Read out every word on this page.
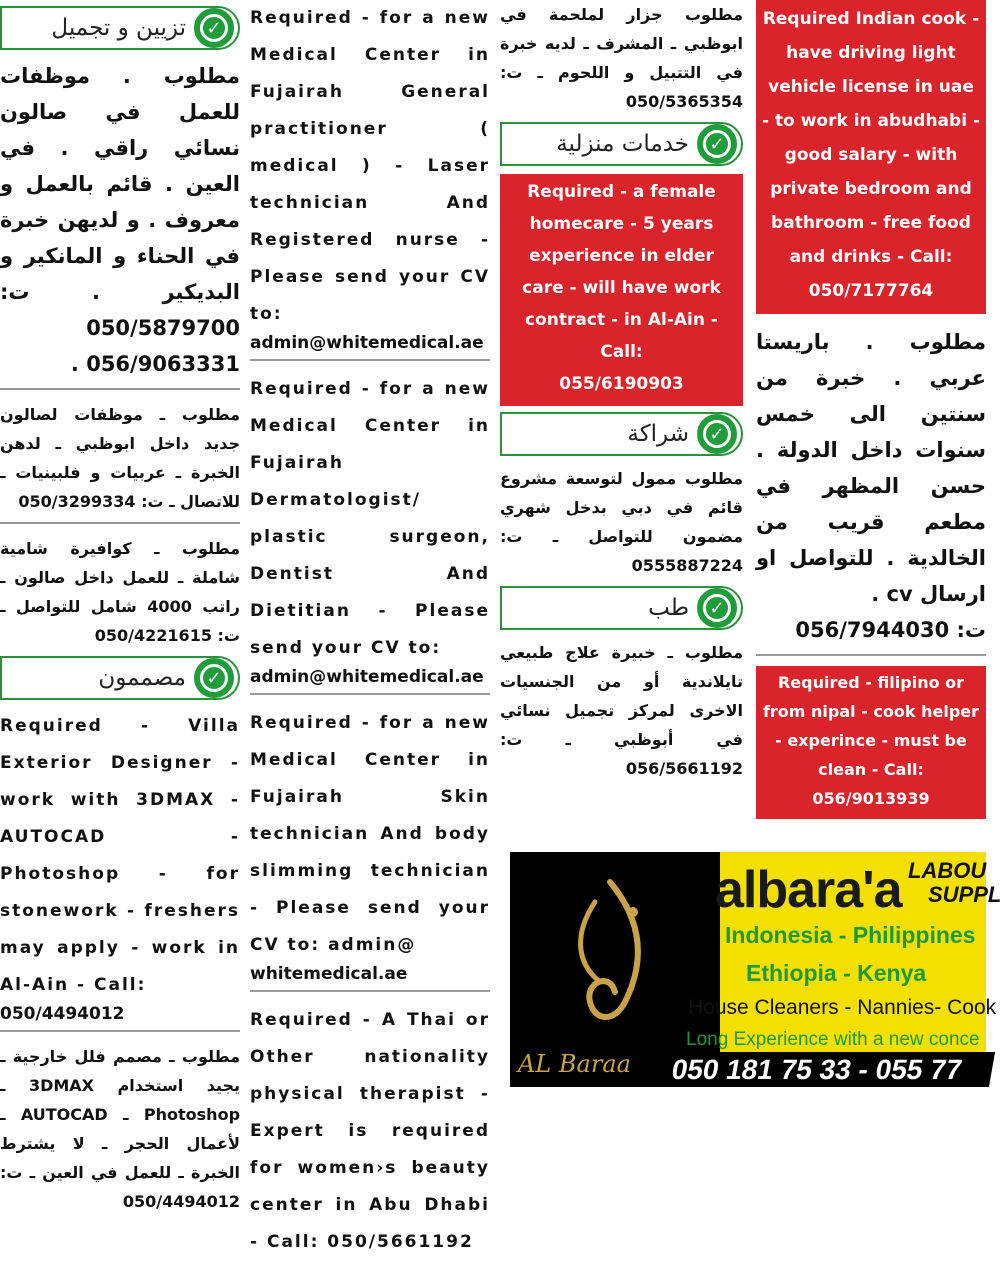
تزيين و تجميل	✓

مطلوب . موظفات للعمل في صالون نسائي راقي . في العين . قائم بالعمل و معروف . و لديهن خبرة في الحناء و المانكير و البديكير . ت: 050/5879700 056/9063331 .

مطلوب ـ موظفات لصالون جديد داخل ابوظبي ـ لدهن الخبرة ـ عربيات و فلبينيات ـ للاتصال ـ ت: 050/3299334

مطلوب ـ كوافيرة شامية شاملة ـ للعمل داخل صالون ـ راتب 4000 شامل للتواصل ـ ت: 050/4221615

مصممون	✓

Required - Villa Exterior Designer - work with 3DMAX - AUTOCAD - Photoshop - for stonework - freshers may apply - work in Al-Ain - Call:

050/4494012

مطلوب ـ مصمم فلل خارجية ـ يجيد استخدام 3DMAX ـ Photoshop ـ AUTOCAD ـ لأعمال الحجر ـ لا يشترط الخبرة ـ للعمل في العين ـ ت: 050/4494012

Required - for a new Medical Center in Fujairah General practitioner ( medical ) - Laser technician And Registered nurse - Please send your CV to:

admin@whitemedical.ae

Required - for a new Medical Center in Fujairah Dermatologist/ plastic surgeon, Dentist And Dietitian - Please send your CV to:

admin@whitemedical.ae

Required - for a new Medical Center in Fujairah Skin technician And body slimming technician - Please send your CV to: admin@

whitemedical.ae

Required - A Thai or Other nationality physical therapist - Expert is required for women›s beauty center in Abu Dhabi - Call: 050/5661192

مطلوب جزار لملحمة في ابوظبي ـ المشرف ـ لديه خبرة في التتبيل و اللحوم ـ ت: 050/5365354

خدمات منزلية	✓
Required - a female homecare - 5 years experience in elder care - will have work contract - in Al-Ain - Call:
055/6190903
شراكة	✓

مطلوب ممول لتوسعة مشروع قائم في دبي بدخل شهري مضمون للتواصل ـ ت: 0555887224

طب	✓

مطلوب ـ خبيرة علاج طبيعي تايلاندية أو من الجنسيات الاخرى لمركز تجميل نسائي في أبوظبي ـ ت: 056/5661192

Required Indian cook - have driving light vehicle license in uae - to work in abudhabi - good salary - with private bedroom and bathroom - free food and drinks - Call:
050/7177764

مطلوب . باريستا عربي . خبرة من سنتين الى خمس سنوات داخل الدولة . حسن المظهر في مطعم قريب من الخالدية . للتواصل او ارسال cv .

ت: 056/7944030

Required - filipino or from nipal - cook helper - experince - must be clean - Call:
056/9013939
AL Baraa
albara'a LABOU
SUPPL
Indonesia - Philippines
Ethiopia - Kenya
House Cleaners - Nannies- Cook
Long Experience with a new conce
050 181 75 33 - 055 77
